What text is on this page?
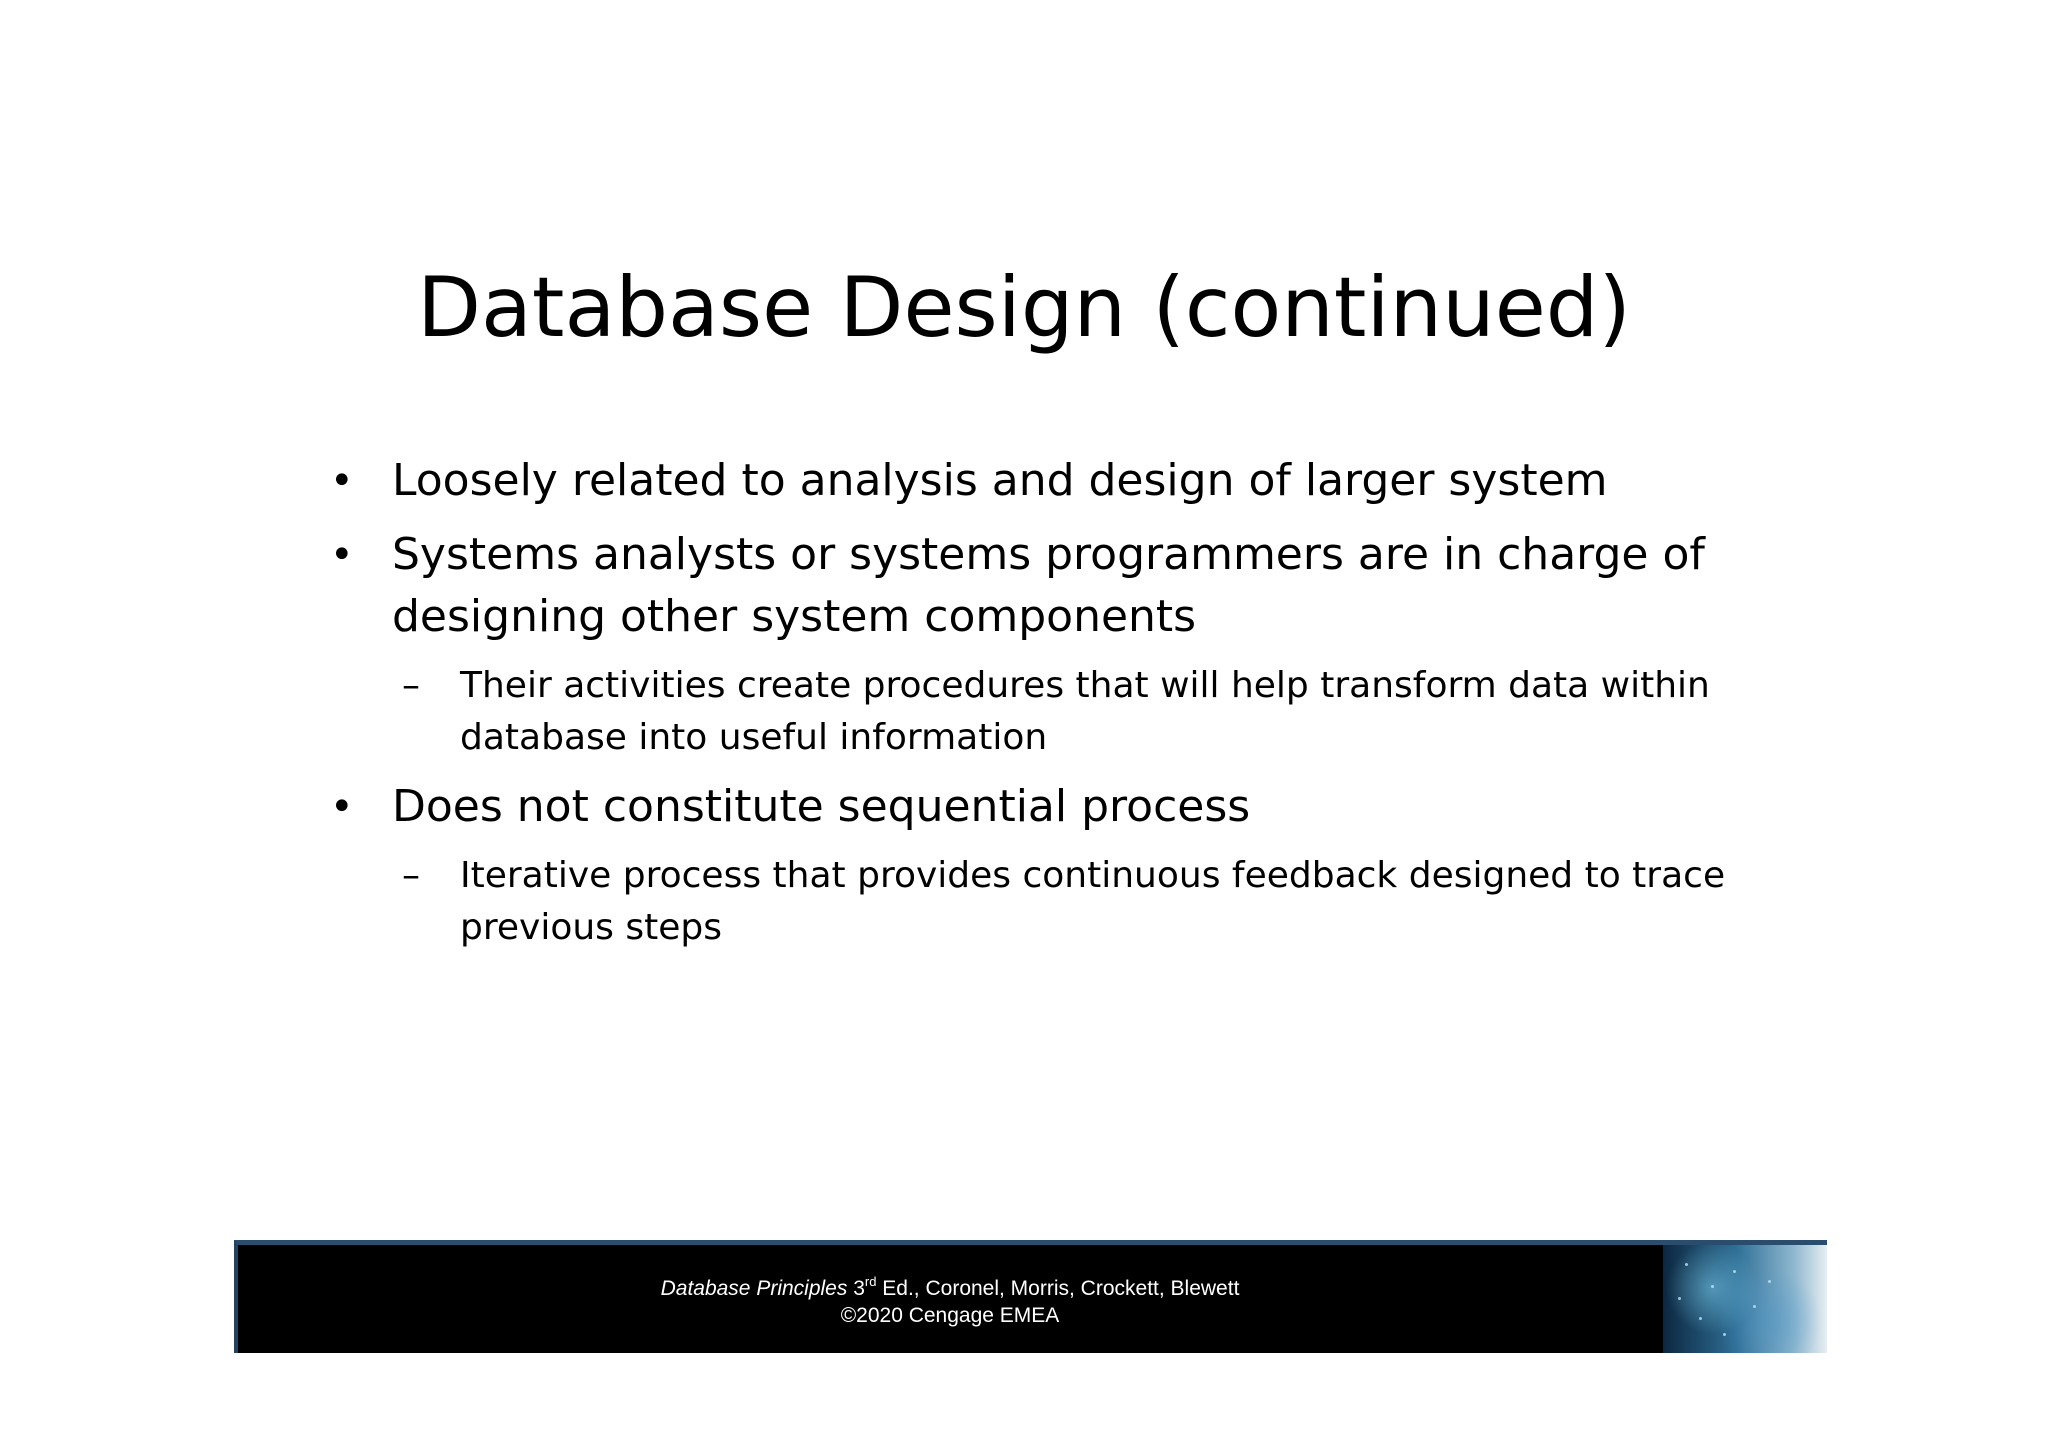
Database Design (continued)
• Loosely related to analysis and design of larger system
• Systems analysts or systems programmers are in charge of designing other system components
– Their activities create procedures that will help transform data within database into useful information
• Does not constitute sequential process
– Iterative process that provides continuous feedback designed to trace previous steps
Database Principles 3rd Ed., Coronel, Morris, Crockett, Blewett
©2020 Cengage EMEA
